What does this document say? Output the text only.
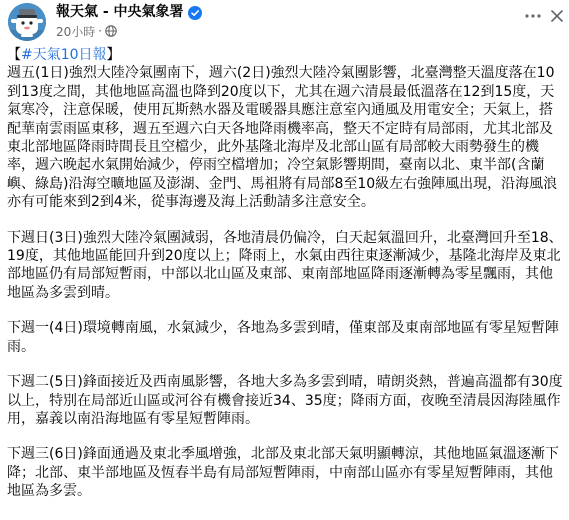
報天氣 - 中央氣象署
20小時 ·

【#天氣10日報】

週五(1日)強烈大陸冷氣團南下，週六(2日)強烈大陸冷氣團影響，北臺灣整天溫度落在10到13度之間，其他地區高溫也降到20度以下，尤其在週六清晨最低溫落在12到15度，天氣寒冷，注意保暖，使用瓦斯熱水器及電暖器具應注意室內通風及用電安全；天氣上，搭配華南雲雨區東移，週五至週六白天各地降雨機率高，整天不定時有局部雨，尤其北部及東北部地區降雨時間長且空檔少，此外基隆北海岸及北部山區有局部較大雨勢發生的機率，週六晚起水氣開始減少，停雨空檔增加；冷空氣影響期間，臺南以北、東半部(含蘭嶼、綠島)沿海空曠地區及澎湖、金門、馬祖將有局部8至10級左右強陣風出現，沿海風浪亦有可能來到2到4米，從事海邊及海上活動請多注意安全。

下週日(3日)強烈大陸冷氣團減弱，各地清晨仍偏冷，白天起氣溫回升，北臺灣回升至18、19度，其他地區能回升到20度以上；降雨上，水氣由西往東逐漸減少，基隆北海岸及東北部地區仍有局部短暫雨，中部以北山區及東部、東南部地區降雨逐漸轉為零星飄雨，其他地區為多雲到晴。

下週一(4日)環境轉南風，水氣減少，各地為多雲到晴，僅東部及東南部地區有零星短暫陣雨。

下週二(5日)鋒面接近及西南風影響，各地大多為多雲到晴，晴朗炎熱，普遍高溫都有30度以上，特別在局部近山區或河谷有機會接近34、35度；降雨方面，夜晚至清晨因海陸風作用，嘉義以南沿海地區有零星短暫陣雨。

下週三(6日)鋒面通過及東北季風增強，北部及東北部天氣明顯轉涼，其他地區氣溫逐漸下降；北部、東半部地區及恆春半島有局部短暫陣雨，中南部山區亦有零星短暫陣雨，其他地區為多雲。
